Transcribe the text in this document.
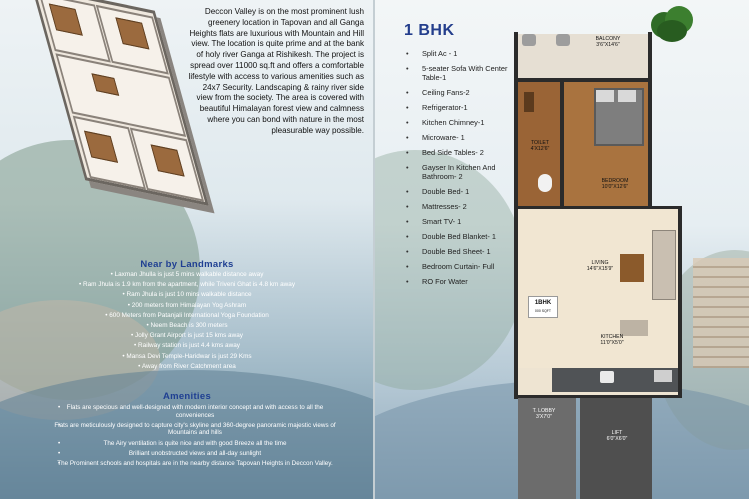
Deccon Valley is on the most prominent lush greenery location in Tapovan and all Ganga Heights flats are luxurious with Mountain and Hill view. The location is quite prime and at the bank of holy river Ganga at Rishikesh. The project is spread over 11000 sq.ft and offers a comfortable lifestyle with access to various amenities such as 24x7 Security. Landscaping & rainy river side view from the society. The area is covered with beautiful Himalayan forest view and calmness where you can bond with nature in the most pleasurable way possible.
Near by Landmarks
• Laxman Jhulla is just 5 mins walkable distance away
• Ram Jhula is 1.9 km from the apartment, while Triveni Ghat is 4.8 km away
• Ram Jhula is just 10 mins walkable distance
• 200 meters from Himalayan Yog Ashram
• 600 Meters from Patanjali International Yoga Foundation
• Neem Beach is 300 meters
• Jolly Grant Airport is just 15 kms away
• Railway station is just 4.4 kms away
• Mansa Devi Temple-Haridwar is just 29 Kms
• Away from River Catchment area
Amenities
• Flats are specious and well-designed with modern interior concept and with access to all the conveniences
• Flats are meticulously designed to capture city's skyline and 360-degree panoramic majestic views of Mountains and hills
• The Airy ventilation is quite nice and with good Breeze all the time
• Brilliant unobstructed views and all-day sunlight
• The Prominent schools and hospitals are in the nearby distance Tapovan Heights in Deccon Valley.
1 BHK
• Split Ac - 1
• 5-seater Sofa With Center Table-1
• Ceiling Fans-2
• Refrigerator-1
• Kitchen Chimney-1
• Microware- 1
• Bed Side Tables- 2
• Gayser In Kitchen And Bathroom- 2
• Double Bed- 1
• Mattresses- 2
• Smart TV- 1
• Double Bed Blanket- 1
• Double Bed Sheet- 1
• Bedroom Curtain- Full
• RO For Water
BALCONY
3'6"X14'6"
TOILET
4'X12'6"
BEDROOM
10'0"X12'6"
LIVING
14'6"X15'9"
1BHK
000 SQFT
KITCHEN
11'0"X5'0"
T. LOBBY
3'X7'0"
LIFT
6'0"X6'0"
